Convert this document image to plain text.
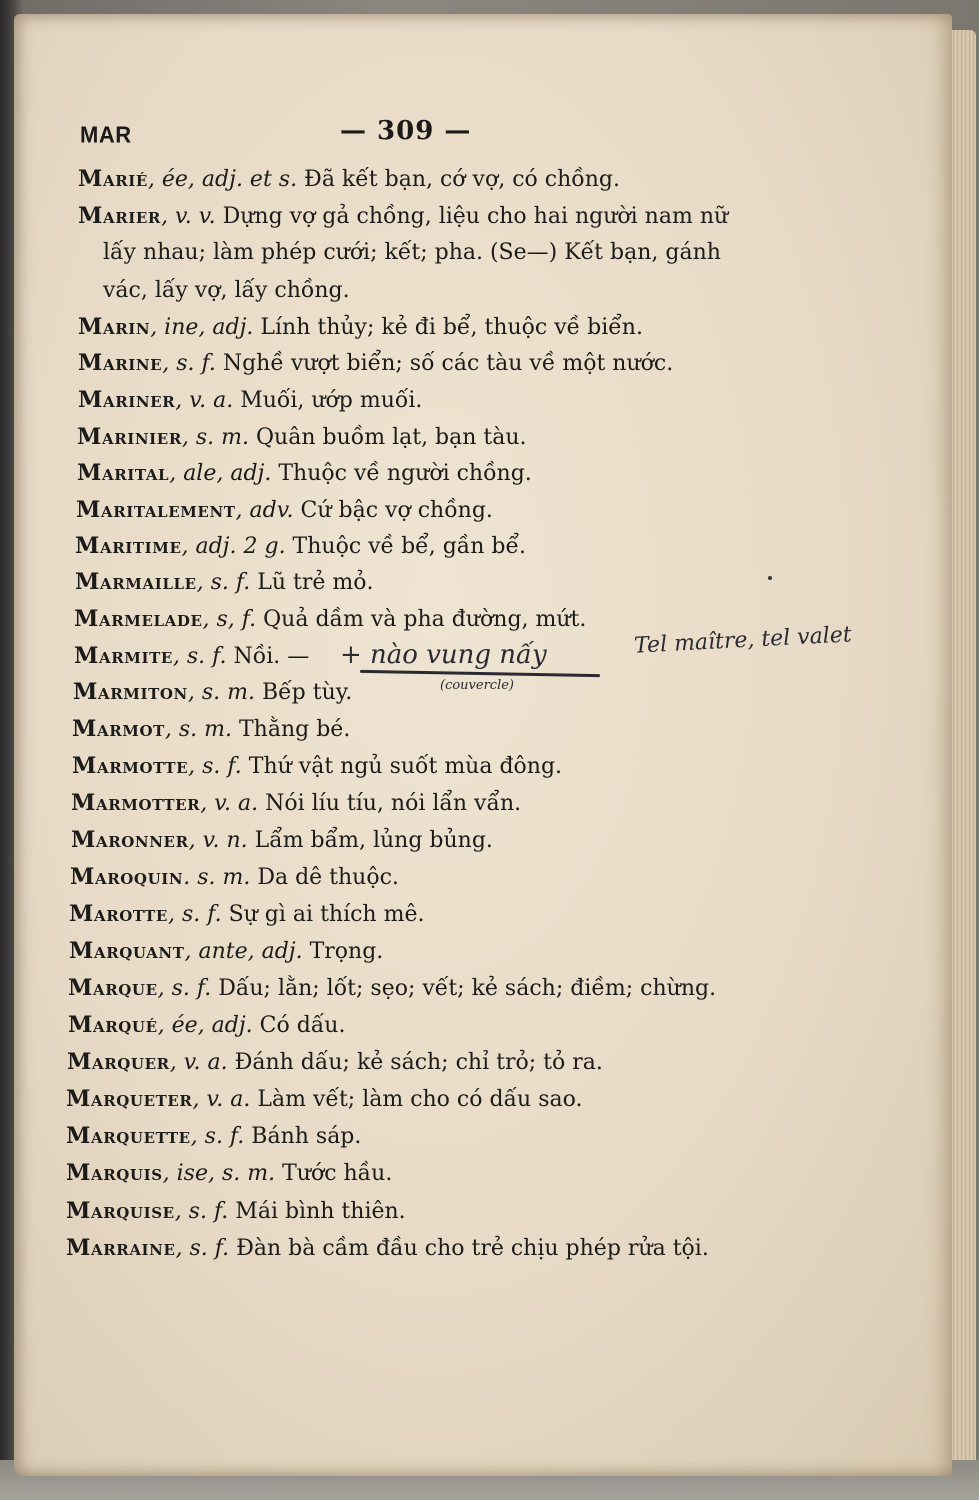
MAR	— 309 —
Marié, ée, adj. et s. Đã kết bạn, cớ vợ, có chồng.
Marier, v. v. Dựng vợ gả chồng, liệu cho hai người nam nữ
lấy nhau; làm phép cưới; kết; pha. (Se—) Kết bạn, gánh
vác, lấy vợ, lấy chồng.
Marin, ine, adj. Lính thủy; kẻ đi bể, thuộc về biển.
Marine, s. f. Nghề vượt biển; số các tàu về một nước.
Mariner, v. a. Muối, ướp muối.
Marinier, s. m. Quân buồm lạt, bạn tàu.
Marital, ale, adj. Thuộc về người chồng.
Maritalement, adv. Cứ bậc vợ chồng.
Maritime, adj. 2 g. Thuộc về bể, gần bể.
Marmaille, s. f. Lũ trẻ mỏ.
Marmelade, s, f. Quả dầm và pha đường, mứt.
Marmite, s. f. Nồi. —
Marmiton, s. m. Bếp tùy.
Marmot, s. m. Thằng bé.
Marmotte, s. f. Thứ vật ngủ suốt mùa đông.
Marmotter, v. a. Nói líu tíu, nói lẩn vẩn.
Maronner, v. n. Lẩm bẩm, lủng bủng.
Maroquin. s. m. Da dê thuộc.
Marotte, s. f. Sự gì ai thích mê.
Marquant, ante, adj. Trọng.
Marque, s. f. Dấu; lằn; lốt; sẹo; vết; kẻ sách; điềm; chừng.
Marqué, ée, adj. Có dấu.
Marquer, v. a. Đánh dấu; kẻ sách; chỉ trỏ; tỏ ra.
Marqueter, v. a. Làm vết; làm cho có dấu sao.
Marquette, s. f. Bánh sáp.
Marquis, ise, s. m. Tước hầu.
Marquise, s. f. Mái bình thiên.
Marraine, s. f. Đàn bà cầm đầu cho trẻ chịu phép rửa tội.
+ nào vung nấy
(couvercle)
Tel maître, tel valet
